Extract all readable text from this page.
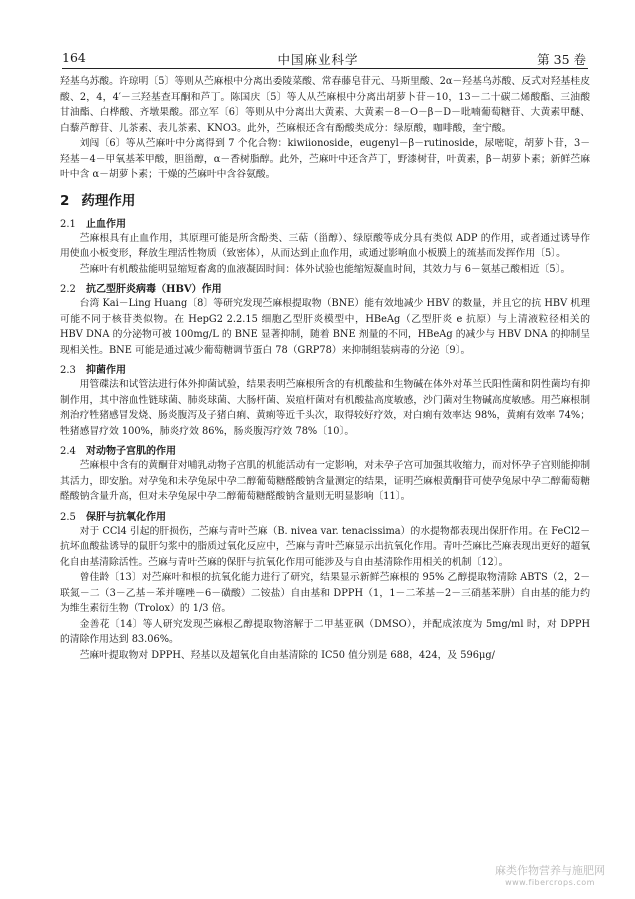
164	中国麻业科学	第 35 卷

羟基乌苏酸。许琼明〔5〕等则从苎麻根中分离出委陵菜酸、常春藤皂苷元、马斯里酸、2α－羟基乌苏酸、反式对羟基桂皮酸、2，4，4′－三羟基查耳酮和芦丁。陈国庆〔5〕等人从苎麻根中分离出胡萝卜苷－10，13－二十碳二烯酸酯、三油酸甘油酯、白桦酸、齐墩果酸。邵立军〔6〕等则从中分离出大黄素、大黄素－8－O－β－D－吡喃葡萄糖苷、大黄素甲醚、白藜芦醇苷、儿茶素、表儿茶素、KNO3。此外，苎麻根还含有酚酸类成分：绿原酸，咖啡酸，奎宁酸。

刘闯〔6〕等从苎麻叶中分离得到 7 个化合物：kiwiionoside，eugenyl－β－rutinoside，尿嘧啶，胡萝卜苷，3－羟基－4－甲氧基苯甲酸，胆甾醇，α－香树脂醇。此外，苎麻叶中还含芦丁，野漆树苷，叶黄素，β－胡萝卜素；新鲜苎麻叶中含 α－胡萝卜素；干燥的苎麻叶中含谷氨酸。

2 药理作用
2.1 止血作用

苎麻根具有止血作用，其原理可能是所含酚类、三萜（甾醇）、绿原酸等成分具有类似 ADP 的作用，或者通过诱导作用使血小板变形，释放生理活性物质（致密体），从而达到止血作用，或通过影响血小板膜上的巯基而发挥作用〔5〕。

苎麻叶有机酸盐能明显缩短畜禽的血液凝固时间：体外试验也能缩短凝血时间，其效力与 6－氨基己酸相近〔5〕。

2.2 抗乙型肝炎病毒（HBV）作用

台湾 Kai－Ling Huang〔8〕等研究发现苎麻根提取物（BNE）能有效地减少 HBV 的数量，并且它的抗 HBV 机理可能不同于核苷类似物。在 HepG2 2.2.15 细胞乙型肝炎模型中，HBeAg（乙型肝炎 e 抗原）与上清液粒径相关的 HBV DNA 的分泌物可被 100mg/L 的 BNE 显著抑制，随着 BNE 剂量的不同，HBeAg 的减少与 HBV DNA 的抑制呈现相关性。BNE 可能是通过减少葡萄糖调节蛋白 78（GRP78）来抑制组装病毒的分泌〔9〕。

2.3 抑菌作用

用管碟法和试管法进行体外抑菌试验，结果表明苎麻根所含的有机酸盐和生物碱在体外对革兰氏阳性菌和阴性菌均有抑制作用，其中溶血性链球菌、肺炎球菌、大肠杆菌、炭疽杆菌对有机酸盐高度敏感，沙门菌对生物碱高度敏感。用苎麻根制剂治疗牲猪感冒发烧、肠炎腹泻及子猪白痢、黄痢等近千头次，取得较好疗效，对白痢有效率达 98%，黄痢有效率 74%；牲猪感冒疗效 100%，肺炎疗效 86%，肠炎腹泻疗效 78%〔10〕。

2.4 对动物子宫肌的作用

苎麻根中含有的黄酮苷对哺乳动物子宫肌的机能活动有一定影响，对未孕子宫可加强其收缩力，而对怀孕子宫则能抑制其活力，即安胎。对孕兔和未孕兔尿中孕二醇葡萄糖醛酸钠含量测定的结果，证明苎麻根黄酮苷可使孕兔尿中孕二醇葡萄糖醛酸钠含量升高，但对未孕兔尿中孕二醇葡萄糖醛酸钠含量则无明显影响〔11〕。

2.5 保肝与抗氧化作用

对于 CCl4 引起的肝损伤，苎麻与青叶苎麻（B. nivea var. tenacissima）的水提物都表现出保肝作用。在 FeCl2－抗坏血酸盐诱导的鼠肝匀浆中的脂质过氧化反应中，苎麻与青叶苎麻显示出抗氧化作用。青叶苎麻比苎麻表现出更好的超氧化自由基清除活性。苎麻与青叶苎麻的保肝与抗氧化作用可能涉及与自由基清除作用相关的机制〔12〕。

曾佳龄〔13〕对苎麻叶和根的抗氧化能力进行了研究，结果显示新鲜苎麻根的 95% 乙醇提取物清除 ABTS（2，2－联氮－二（3－乙基－苯并噻唑－6－磺酸）二铵盐）自由基和 DPPH（1，1－二苯基－2－三硝基苯肼）自由基的能力约为维生素衍生物（Trolox）的 1/3 倍。

金善花〔14〕等人研究发现苎麻根乙醇提取物溶解于二甲基亚砜（DMSO），并配成浓度为 5mg/ml 时，对 DPPH 的清除作用达到 83.06%。

苎麻叶提取物对 DPPH、羟基以及超氧化自由基清除的 IC50 值分别是 688，424，及 596μg/

麻类作物营养与施肥网
www.fibercrops.com
